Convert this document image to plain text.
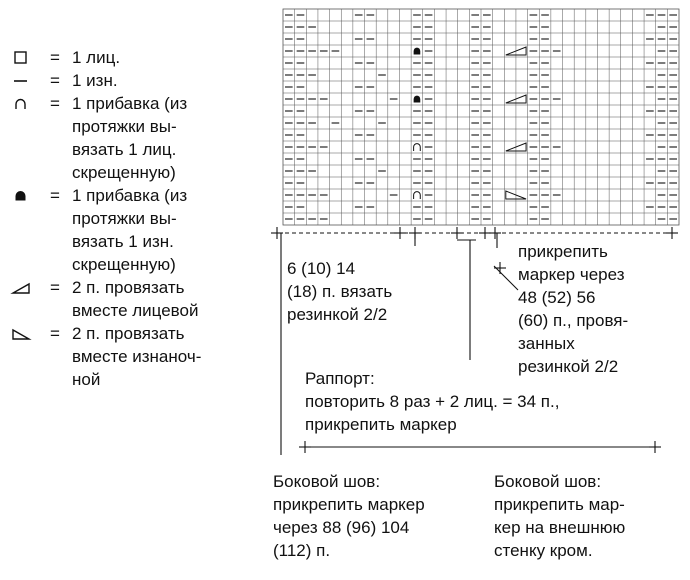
= 1 лиц.
= 1 изн.
= 1 прибавка (из
протяжки вы-
вязать 1 лиц.
скрещенную)
= 1 прибавка (из
протяжки вы-
вязать 1 изн.
скрещенную)
= 2 п. провязать
вместе лицевой
= 2 п. провязать
вместе изнаноч-
ной
6 (10) 14
(18) п. вязать
резинкой 2/2
прикрепить
маркер через
48 (52) 56
(60) п., провя-
занных
резинкой 2/2
Раппорт:
повторить 8 раз + 2 лиц. = 34 п.,
прикрепить маркер
Боковой шов:
прикрепить маркер
через 88 (96) 104
(112) п.
Боковой шов:
прикрепить мар-
кер на внешнюю
стенку кром.
